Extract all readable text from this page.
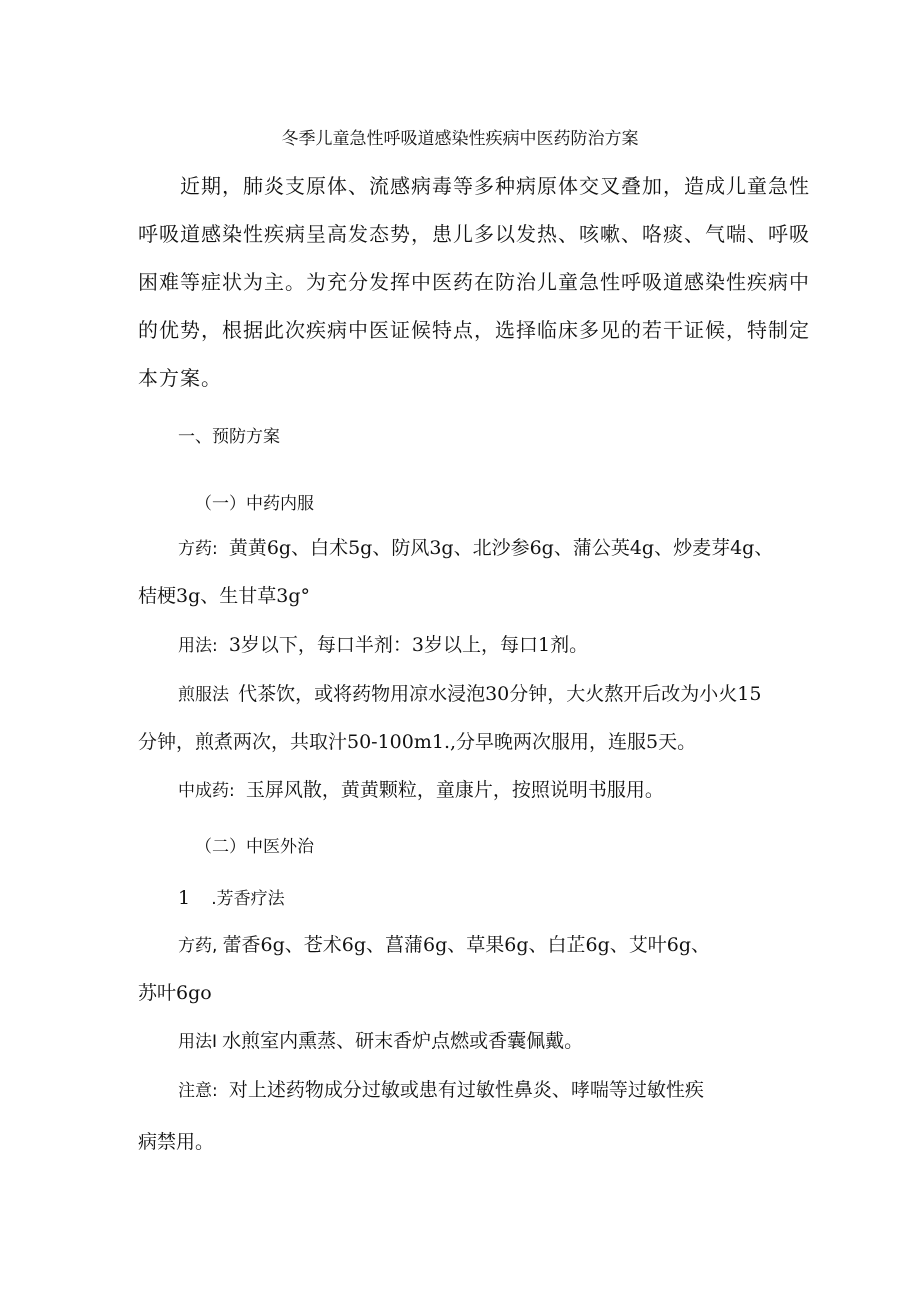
冬季儿童急性呼吸道感染性疾病中医药防治方案
近期，肺炎支原体、流感病毒等多种病原体交叉叠加，造成儿童急性
呼吸道感染性疾病呈高发态势，患儿多以发热、咳嗽、咯痰、气喘、呼吸
困难等症状为主。为充分发挥中医药在防治儿童急性呼吸道感染性疾病中
的优势，根据此次疾病中医证候特点，选择临床多见的若干证候，特制定
本方案。
一、预防方案
（一）中药内服
方药: 黄黄6g、白术5g、防风3g、北沙参6g、蒲公英4g、炒麦芽4g、
桔梗3g、生甘草3g°
用法: 3岁以下，每口半剂：3岁以上，每口1剂。
煎服法 代茶饮，或将药物用凉水浸泡30分钟，大火熬开后改为小火15
分钟，煎煮两次，共取汁50-100m1.,分早晚两次服用，连服5天。
中成药: 玉屏风散，黄黄颗粒，童康片，按照说明书服用。
（二）中医外治
1 .芳香疗法
方药, 蕾香6g、苍术6g、菖蒲6g、草果6g、白芷6g、艾叶6g、
苏叶6go
用法I 水煎室内熏蒸、研末香炉点燃或香囊佩戴。
注意: 对上述药物成分过敏或患有过敏性鼻炎、哮喘等过敏性疾
病禁用。
